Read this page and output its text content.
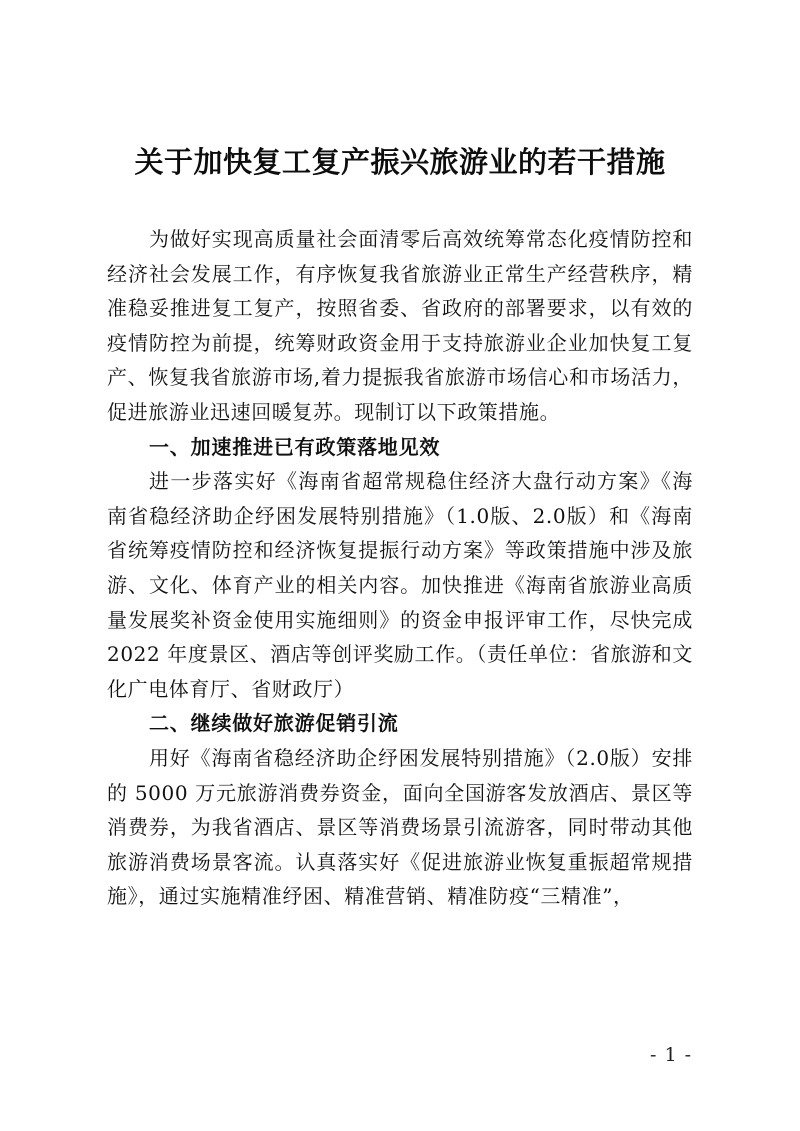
关于加快复工复产振兴旅游业的若干措施

为做好实现高质量社会面清零后高效统筹常态化疫情防控和经济社会发展工作，有序恢复我省旅游业正常生产经营秩序，精准稳妥推进复工复产，按照省委、省政府的部署要求，以有效的疫情防控为前提，统筹财政资金用于支持旅游业企业加快复工复产、恢复我省旅游市场,着力提振我省旅游市场信心和市场活力，促进旅游业迅速回暖复苏。现制订以下政策措施。

一、加速推进已有政策落地见效

进一步落实好《海南省超常规稳住经济大盘行动方案》《海南省稳经济助企纾困发展特别措施》（1.0版、2.0版）和《海南省统筹疫情防控和经济恢复提振行动方案》等政策措施中涉及旅游、文化、体育产业的相关内容。加快推进《海南省旅游业高质量发展奖补资金使用实施细则》的资金申报评审工作，尽快完成 2022 年度景区、酒店等创评奖励工作。（责任单位：省旅游和文化广电体育厅、省财政厅）

二、继续做好旅游促销引流

用好《海南省稳经济助企纾困发展特别措施》（2.0版）安排的 5000 万元旅游消费券资金，面向全国游客发放酒店、景区等消费券，为我省酒店、景区等消费场景引流游客，同时带动其他旅游消费场景客流。认真落实好《促进旅游业恢复重振超常规措施》，通过实施精准纾困、精准营销、精准防疫“三精准”，

- 1 -
